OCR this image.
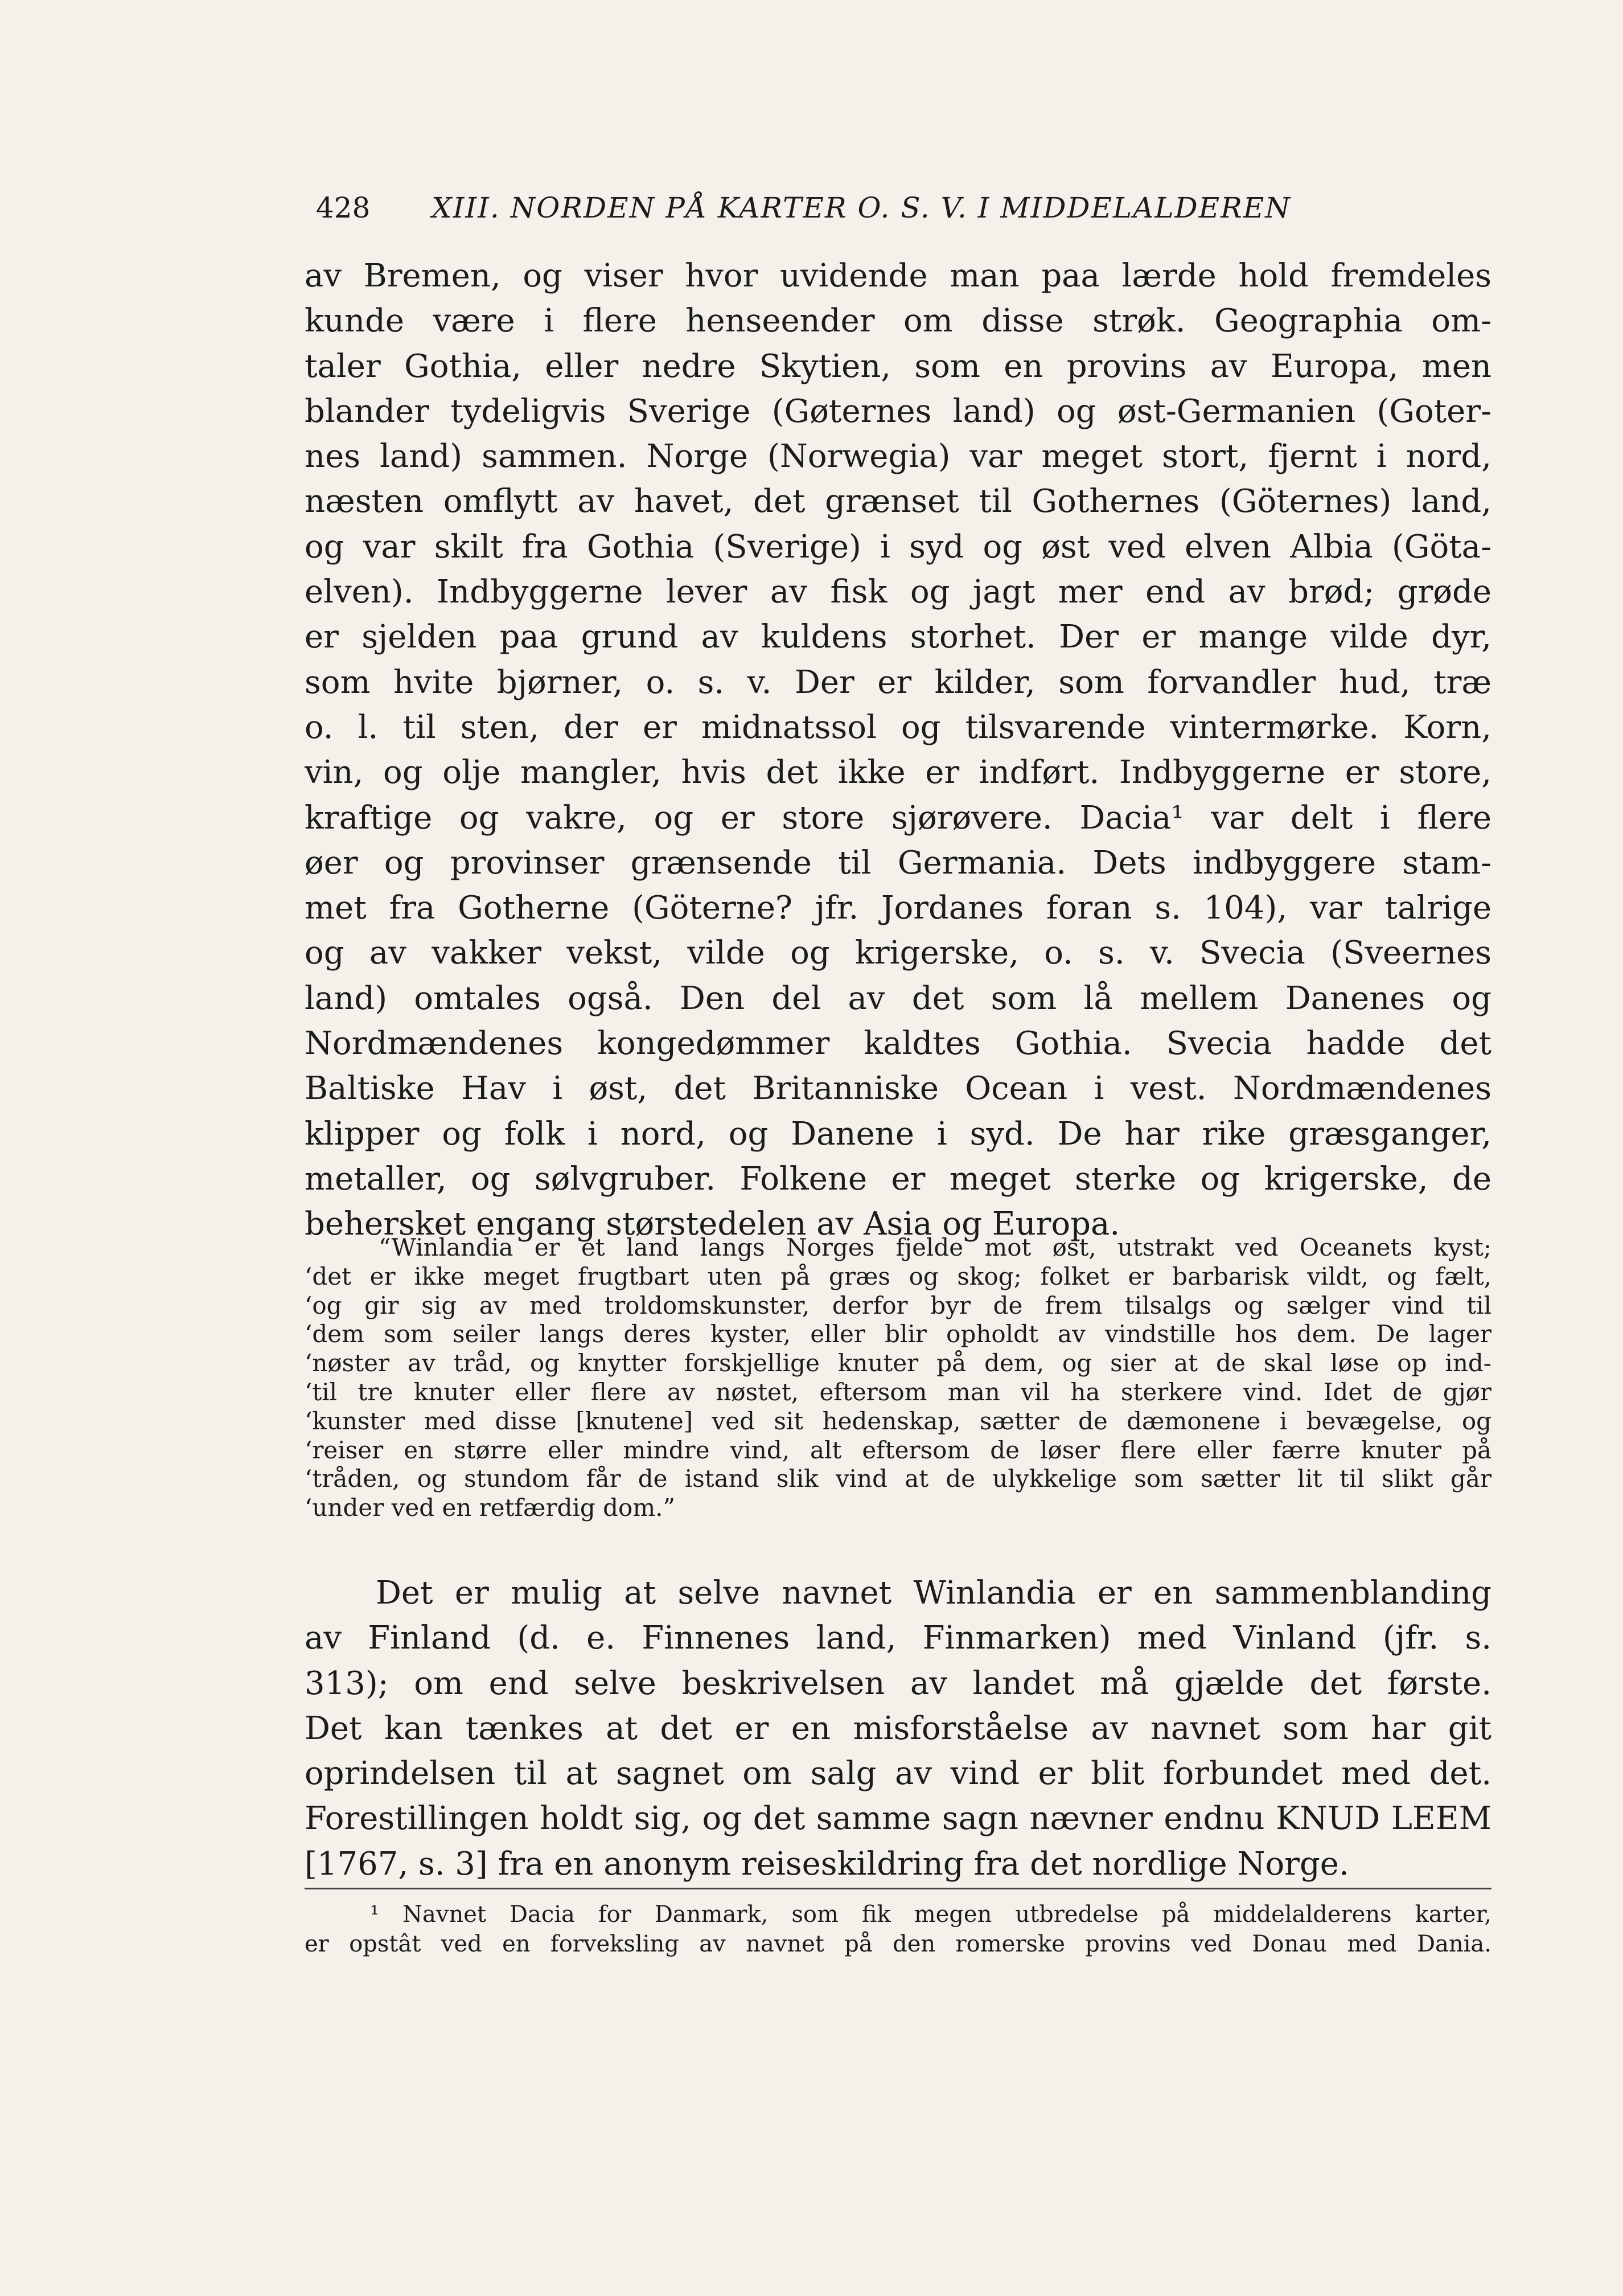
428 XIII. NORDEN PÅ KARTER O. S. V. I MIDDELALDEREN
av Bremen, og viser hvor uvidende man paa lærde hold fremdeles
kunde være i flere henseender om disse strøk. Geographia om-
taler Gothia, eller nedre Skytien, som en provins av Europa, men
blander tydeligvis Sverige (Gøternes land) og øst-Germanien (Goter-
nes land) sammen. Norge (Norwegia) var meget stort, fjernt i nord,
næsten omflytt av havet, det grænset til Gothernes (Göternes) land,
og var skilt fra Gothia (Sverige) i syd og øst ved elven Albia (Göta-
elven). Indbyggerne lever av fisk og jagt mer end av brød; grøde
er sjelden paa grund av kuldens storhet. Der er mange vilde dyr,
som hvite bjørner, o. s. v. Der er kilder, som forvandler hud, træ
o. l. til sten, der er midnatssol og tilsvarende vintermørke. Korn,
vin, og olje mangler, hvis det ikke er indført. Indbyggerne er store,
kraftige og vakre, og er store sjørøvere. Dacia¹ var delt i flere
øer og provinser grænsende til Germania. Dets indbyggere stam-
met fra Gotherne (Göterne? jfr. Jordanes foran s. 104), var talrige
og av vakker vekst, vilde og krigerske, o. s. v. Svecia (Sveernes
land) omtales også. Den del av det som lå mellem Danenes og
Nordmændenes kongedømmer kaldtes Gothia. Svecia hadde det
Baltiske Hav i øst, det Britanniske Ocean i vest. Nordmændenes
klipper og folk i nord, og Danene i syd. De har rike græsganger,
metaller, og sølvgruber. Folkene er meget sterke og krigerske, de
behersket engang størstedelen av Asia og Europa.
“Winlandia er et land langs Norges fjelde mot øst, utstrakt ved Oceanets kyst;
‘det er ikke meget frugtbart uten på græs og skog; folket er barbarisk vildt, og fælt,
‘og gir sig av med troldomskunster, derfor byr de frem tilsalgs og sælger vind til
‘dem som seiler langs deres kyster, eller blir opholdt av vindstille hos dem. De lager
‘nøster av tråd, og knytter forskjellige knuter på dem, og sier at de skal løse op ind-
‘til tre knuter eller flere av nøstet, eftersom man vil ha sterkere vind. Idet de gjør
‘kunster med disse [knutene] ved sit hedenskap, sætter de dæmonene i bevægelse, og
‘reiser en større eller mindre vind, alt eftersom de løser flere eller færre knuter på
‘tråden, og stundom får de istand slik vind at de ulykkelige som sætter lit til slikt går
‘under ved en retfærdig dom.”
Det er mulig at selve navnet Winlandia er en sammenblanding
av Finland (d. e. Finnenes land, Finmarken) med Vinland (jfr. s.
313); om end selve beskrivelsen av landet må gjælde det første.
Det kan tænkes at det er en misforståelse av navnet som har git
oprindelsen til at sagnet om salg av vind er blit forbundet med det.
Forestillingen holdt sig, og det samme sagn nævner endnu KNUD LEEM
[1767, s. 3] fra en anonym reiseskildring fra det nordlige Norge.
¹ Navnet Dacia for Danmark, som fik megen utbredelse på middelalderens karter,
er opstât ved en forveksling av navnet på den romerske provins ved Donau med Dania.
